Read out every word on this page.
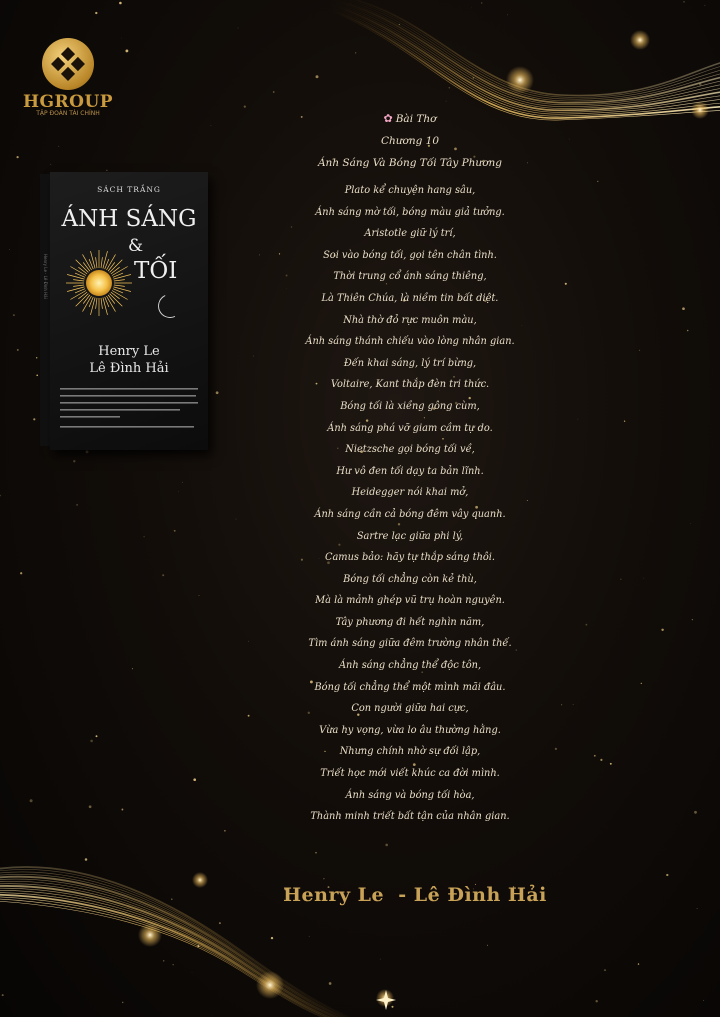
HGROUP
TẬP ĐOÀN TÀI CHÍNH
Henry Le · Lê Đình Hải
SÁCH TRẮNG
ÁNH SÁNG
&
TỐI
Henry Le
Lê Đình Hải
✿ Bài Thơ
Chương 10
Ánh Sáng Và Bóng Tối Tây Phương
Plato kể chuyện hang sâu,
Ánh sáng mờ tối, bóng màu giả tưởng.
Aristotle giữ lý trí,
Soi vào bóng tối, gọi tên chân tình.
Thời trung cổ ánh sáng thiêng,
Là Thiên Chúa, là niềm tin bất diệt.
Nhà thờ đỏ rực muôn màu,
Ánh sáng thánh chiếu vào lòng nhân gian.
Đến khai sáng, lý trí bừng,
Voltaire, Kant thắp đèn tri thức.
Bóng tối là xiềng gông cùm,
Ánh sáng phá vỡ giam cầm tự do.
Nietzsche gọi bóng tối về,
Hư vô đen tối dạy ta bản lĩnh.
Heidegger nói khai mở,
Ánh sáng cần cả bóng đêm vây quanh.
Sartre lạc giữa phi lý,
Camus bảo: hãy tự thắp sáng thôi.
Bóng tối chẳng còn kẻ thù,
Mà là mảnh ghép vũ trụ hoàn nguyên.
Tây phương đi hết nghìn năm,
Tìm ánh sáng giữa đêm trường nhân thế.
Ánh sáng chẳng thể độc tôn,
Bóng tối chẳng thể một mình mãi đâu.
Con người giữa hai cực,
Vừa hy vọng, vừa lo âu thường hằng.
Nhưng chính nhờ sự đối lập,
Triết học mới viết khúc ca đời mình.
Ánh sáng và bóng tối hòa,
Thành minh triết bất tận của nhân gian.
Henry Le  - Lê Đình Hải
